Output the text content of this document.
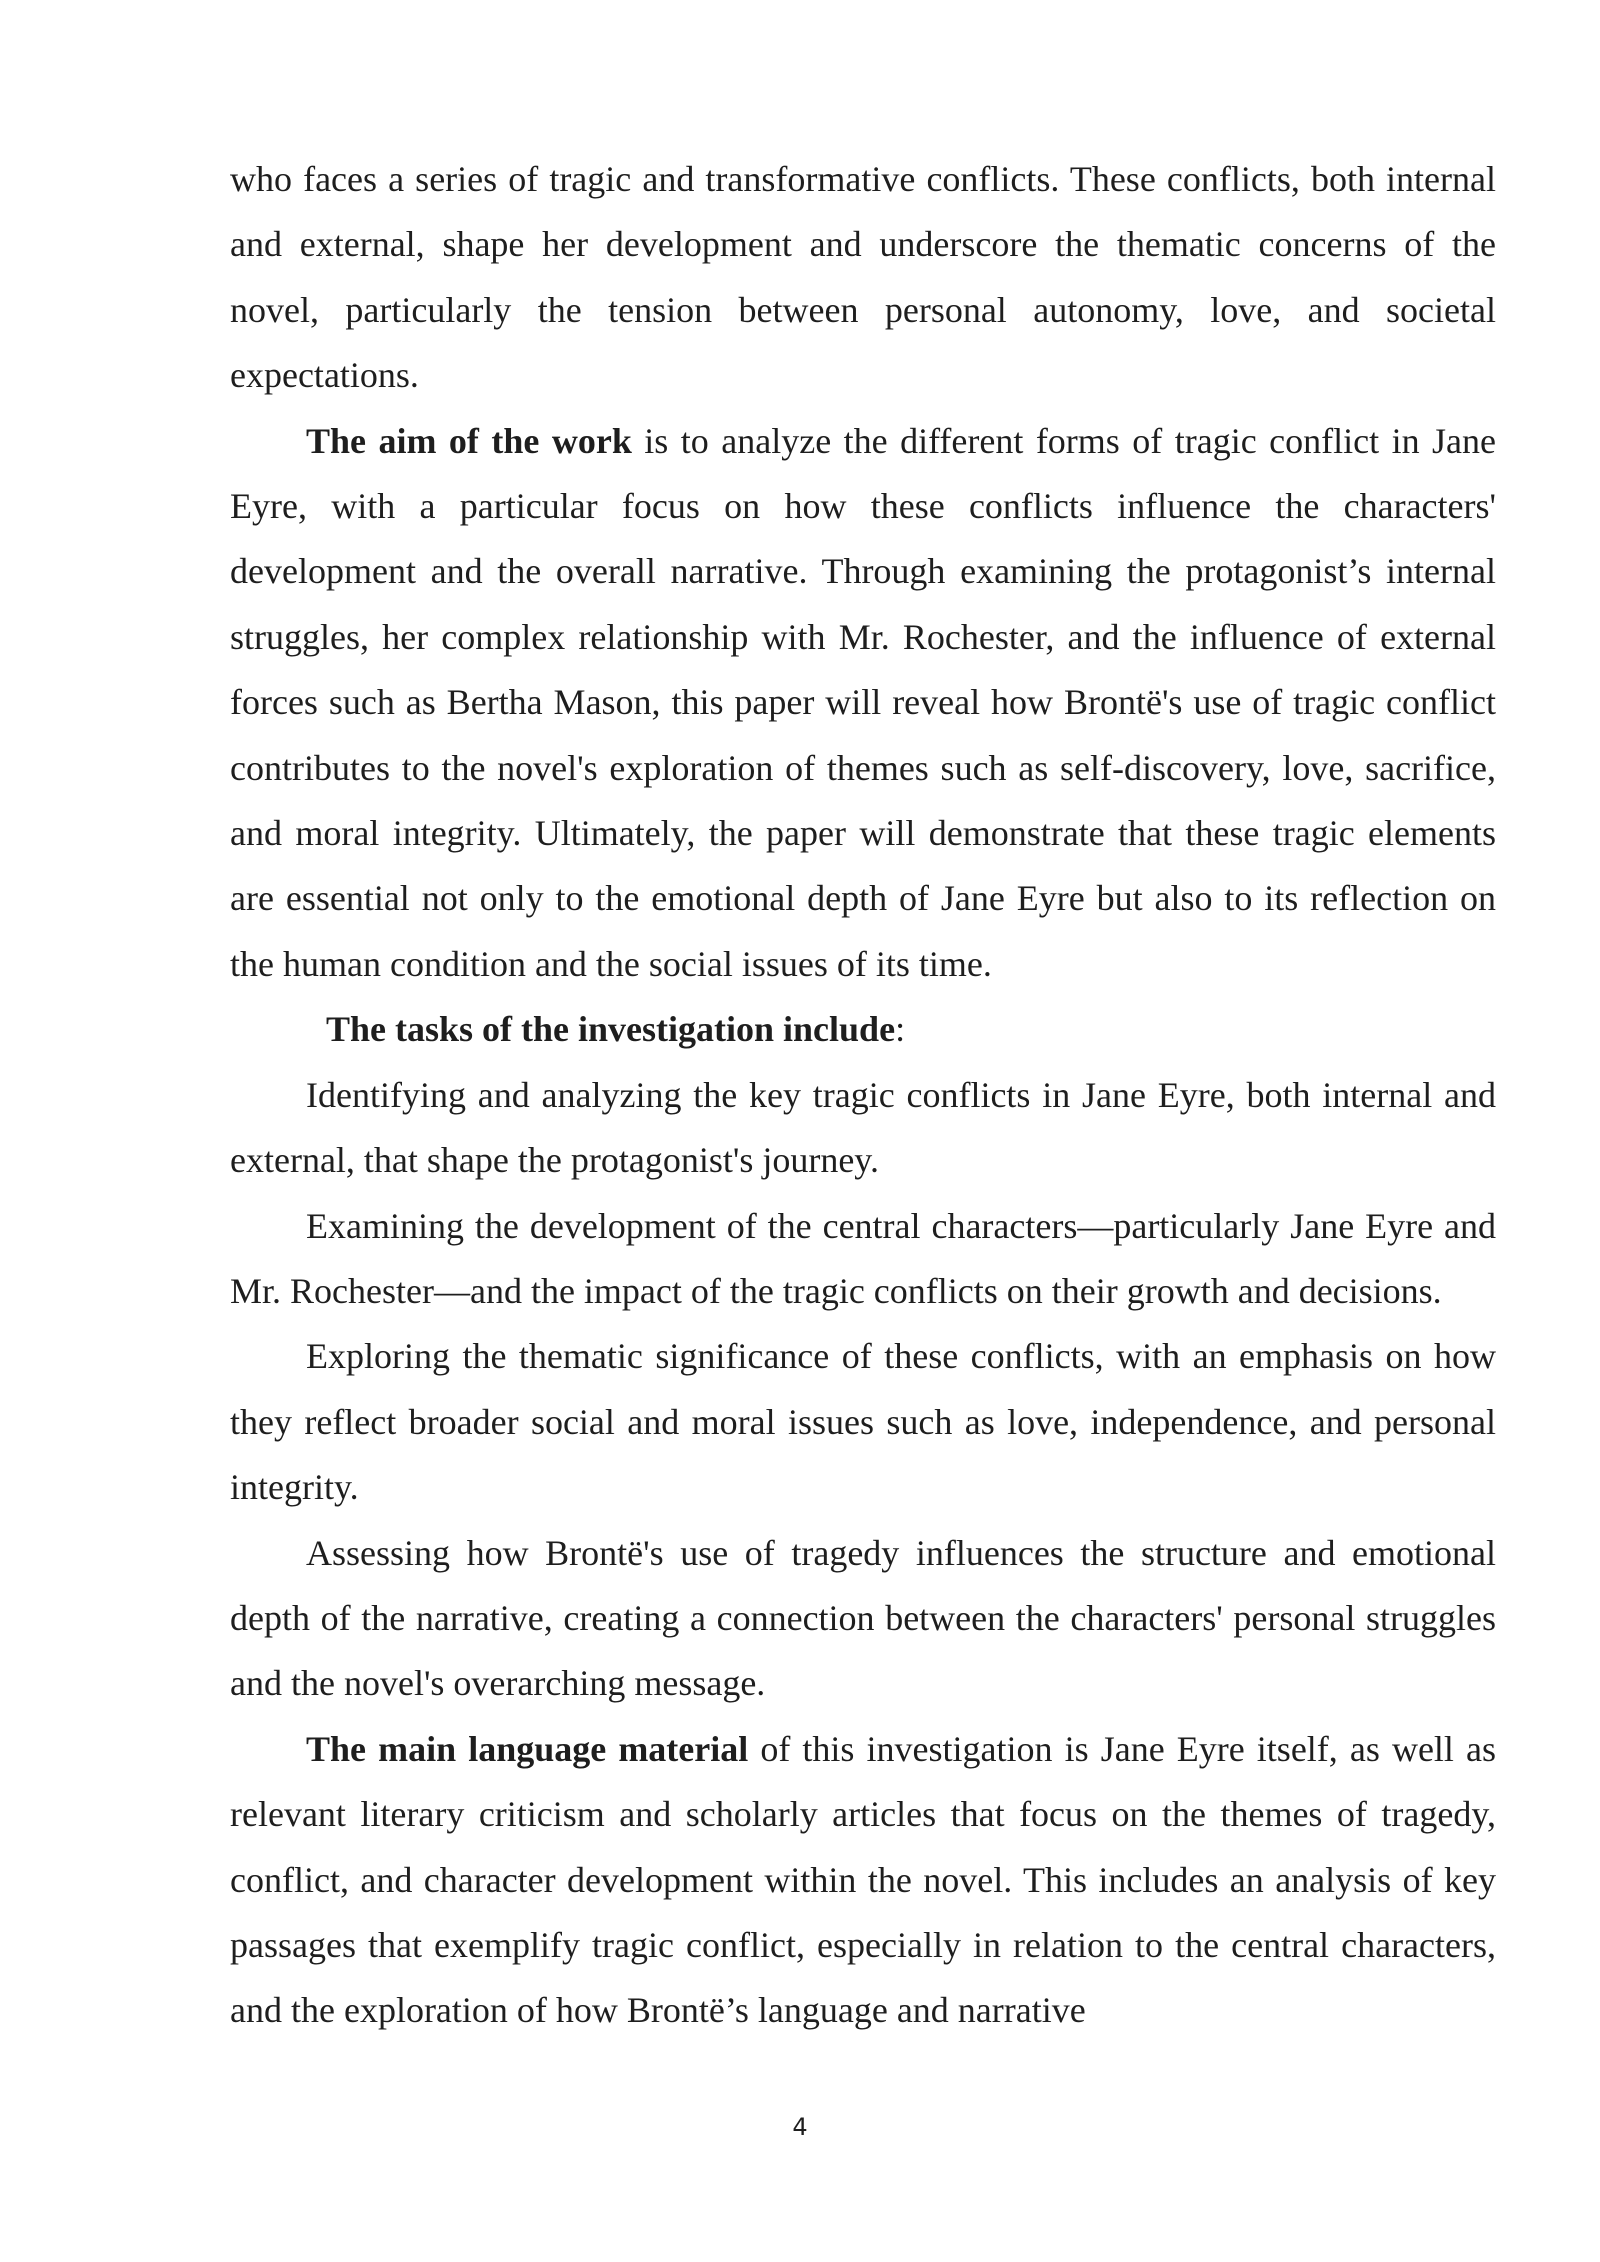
who faces a series of tragic and transformative conflicts. These conflicts, both internal and external, shape her development and underscore the thematic concerns of the novel, particularly the tension between personal autonomy, love, and societal expectations.

The aim of the work is to analyze the different forms of tragic conflict in Jane Eyre, with a particular focus on how these conflicts influence the characters' development and the overall narrative. Through examining the protagonist’s internal struggles, her complex relationship with Mr. Rochester, and the influence of external forces such as Bertha Mason, this paper will reveal how Brontë's use of tragic conflict contributes to the novel's exploration of themes such as self-discovery, love, sacrifice, and moral integrity. Ultimately, the paper will demonstrate that these tragic elements are essential not only to the emotional depth of Jane Eyre but also to its reflection on the human condition and the social issues of its time.

The tasks of the investigation include:

Identifying and analyzing the key tragic conflicts in Jane Eyre, both internal and external, that shape the protagonist's journey.

Examining the development of the central characters—particularly Jane Eyre and Mr. Rochester—and the impact of the tragic conflicts on their growth and decisions.

Exploring the thematic significance of these conflicts, with an emphasis on how they reflect broader social and moral issues such as love, independence, and personal integrity.

Assessing how Brontë's use of tragedy influences the structure and emotional depth of the narrative, creating a connection between the characters' personal struggles and the novel's overarching message.

The main language material of this investigation is Jane Eyre itself, as well as relevant literary criticism and scholarly articles that focus on the themes of tragedy, conflict, and character development within the novel. This includes an analysis of key passages that exemplify tragic conflict, especially in relation to the central characters, and the exploration of how Brontë’s language and narrative

4
